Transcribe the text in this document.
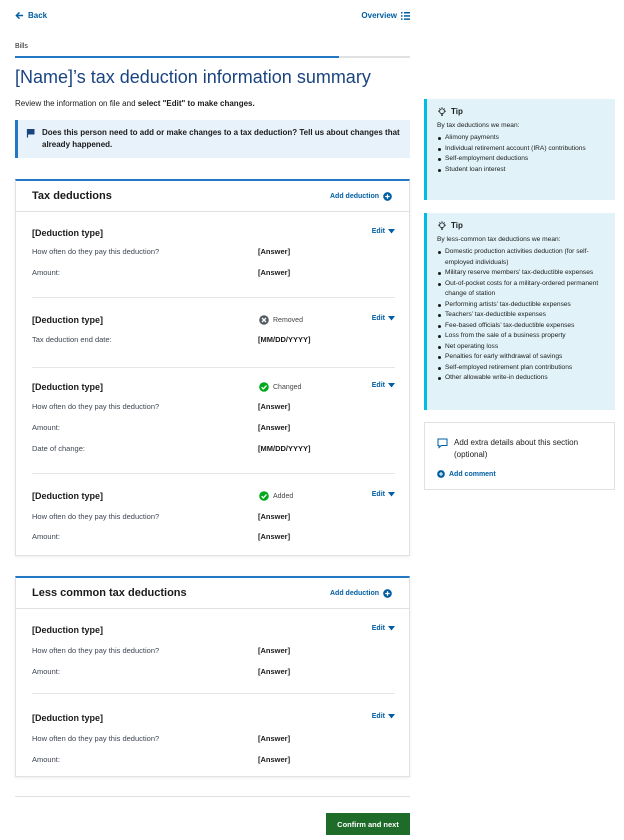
Back	Overview
Bills
[Name]’s tax deduction information summary
Review the information on file and select "Edit" to make changes.
Does this person need to add or make changes to a tax deduction? Tell us about changes that already happened.
Tax deductions	Add deduction
[Deduction type]	Edit
How often do they pay this deduction?	[Answer]
Amount:	[Answer]
[Deduction type]	Removed	Edit
Tax deduction end date:	[MM/DD/YYYY]
[Deduction type]	Changed	Edit
How often do they pay this deduction?	[Answer]
Amount:	[Answer]
Date of change:	[MM/DD/YYYY]
[Deduction type]	Added	Edit
How often do they pay this deduction?	[Answer]
Amount:	[Answer]
Less common tax deductions	Add deduction
[Deduction type]	Edit
How often do they pay this deduction?	[Answer]
Amount:	[Answer]
[Deduction type]	Edit
How often do they pay this deduction?	[Answer]
Amount:	[Answer]
Tip
By tax deductions we mean:
Alimony payments
Individual retirement account (IRA) contributions
Self-employment deductions
Student loan interest
Tip
By less-common tax deductions we mean:
Domestic production activities deduction (for self-employed individuals)
Military reserve members’ tax-deductible expenses
Out-of-pocket costs for a military-ordered permanent change of station
Performing artists’ tax-deductible expenses
Teachers’ tax-deductible expenses
Fee-based officials’ tax-deductible expenses
Loss from the sale of a business property
Net operating loss
Penalties for early withdrawal of savings
Self-employed retirement plan contributions
Other allowable write-in deductions
Add extra details about this section (optional)
Add comment
Confirm and next
